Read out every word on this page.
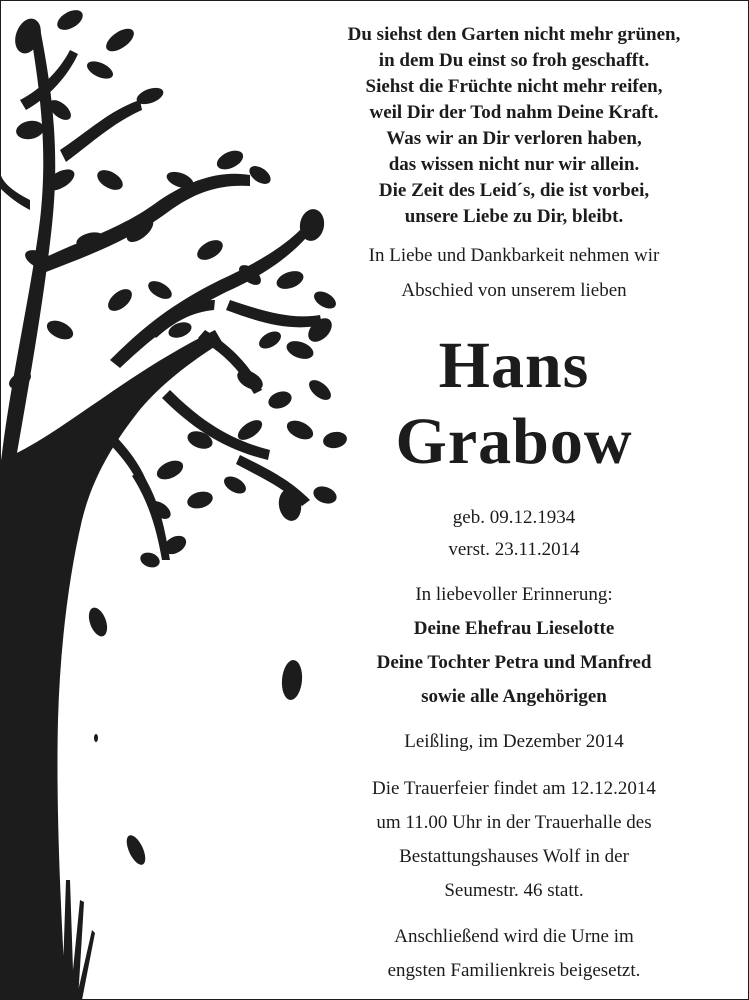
Du siehst den Garten nicht mehr grünen,
in dem Du einst so froh geschafft.
Siehst die Früchte nicht mehr reifen,
weil Dir der Tod nahm Deine Kraft.
Was wir an Dir verloren haben,
das wissen nicht nur wir allein.
Die Zeit des Leid´s, die ist vorbei,
unsere Liebe zu Dir, bleibt.
In Liebe und Dankbarkeit nehmen wir
Abschied von unserem lieben
Hans
Grabow
geb. 09.12.1934
verst. 23.11.2014
In liebevoller Erinnerung:
Deine Ehefrau Lieselotte
Deine Tochter Petra und Manfred
sowie alle Angehörigen
Leißling, im Dezember 2014
Die Trauerfeier findet am 12.12.2014
um 11.00 Uhr in der Trauerhalle des
Bestattungshauses Wolf in der
Seumestr. 46 statt.
Anschließend wird die Urne im
engsten Familienkreis beigesetzt.
